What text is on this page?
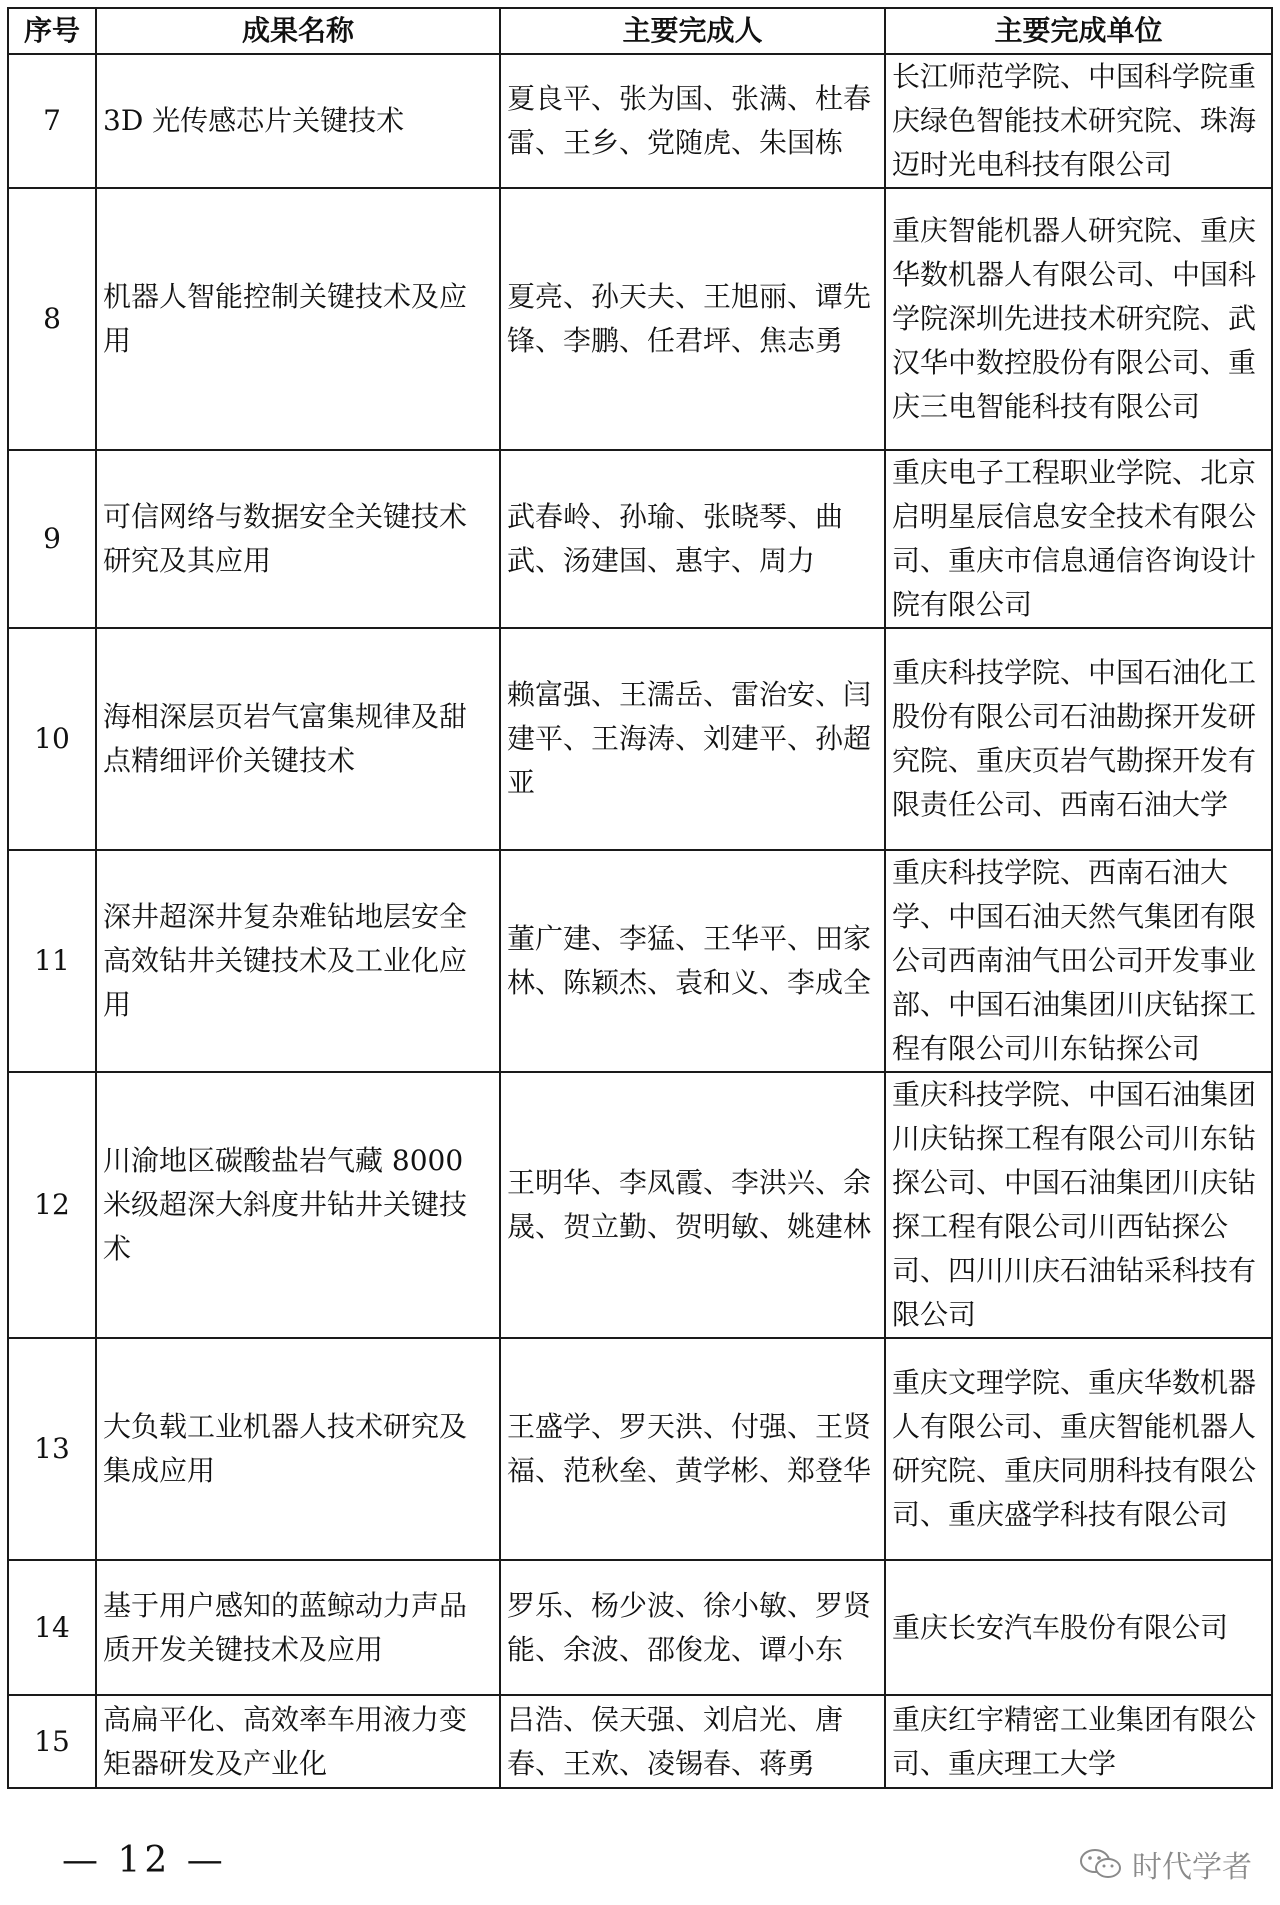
序号	成果名称	主要完成人	主要完成单位
7	3D 光传感芯片关键技术	夏良平、张为国、张满、杜春雷、王乡、党随虎、朱国栋	长江师范学院、中国科学院重庆绿色智能技术研究院、珠海迈时光电科技有限公司
8	机器人智能控制关键技术及应用	夏亮、孙天夫、王旭丽、谭先锋、李鹏、任君坪、焦志勇	重庆智能机器人研究院、重庆华数机器人有限公司、中国科学院深圳先进技术研究院、武汉华中数控股份有限公司、重庆三电智能科技有限公司
9	可信网络与数据安全关键技术研究及其应用	武春岭、孙瑜、张晓琴、曲武、汤建国、惠宇、周力	重庆电子工程职业学院、北京启明星辰信息安全技术有限公司、重庆市信息通信咨询设计院有限公司
10	海相深层页岩气富集规律及甜点精细评价关键技术	赖富强、王濡岳、雷治安、闫建平、王海涛、刘建平、孙超亚	重庆科技学院、中国石油化工股份有限公司石油勘探开发研究院、重庆页岩气勘探开发有限责任公司、西南石油大学
11	深井超深井复杂难钻地层安全高效钻井关键技术及工业化应用	董广建、李猛、王华平、田家林、陈颖杰、袁和义、李成全	重庆科技学院、西南石油大学、中国石油天然气集团有限公司西南油气田公司开发事业部、中国石油集团川庆钻探工程有限公司川东钻探公司
12	川渝地区碳酸盐岩气藏 8000 米级超深大斜度井钻井关键技术	王明华、李凤霞、李洪兴、余晟、贺立勤、贺明敏、姚建林	重庆科技学院、中国石油集团川庆钻探工程有限公司川东钻探公司、中国石油集团川庆钻探工程有限公司川西钻探公司、四川川庆石油钻采科技有限公司
13	大负载工业机器人技术研究及集成应用	王盛学、罗天洪、付强、王贤福、范秋垒、黄学彬、郑登华	重庆文理学院、重庆华数机器人有限公司、重庆智能机器人研究院、重庆同朋科技有限公司、重庆盛学科技有限公司
14	基于用户感知的蓝鲸动力声品质开发关键技术及应用	罗乐、杨少波、徐小敏、罗贤能、余波、邵俊龙、谭小东	重庆长安汽车股份有限公司
15	高扁平化、高效率车用液力变矩器研发及产业化	吕浩、侯天强、刘启光、唐春、王欢、凌锡春、蒋勇	重庆红宇精密工业集团有限公司、重庆理工大学
— 12 —	时代学者
